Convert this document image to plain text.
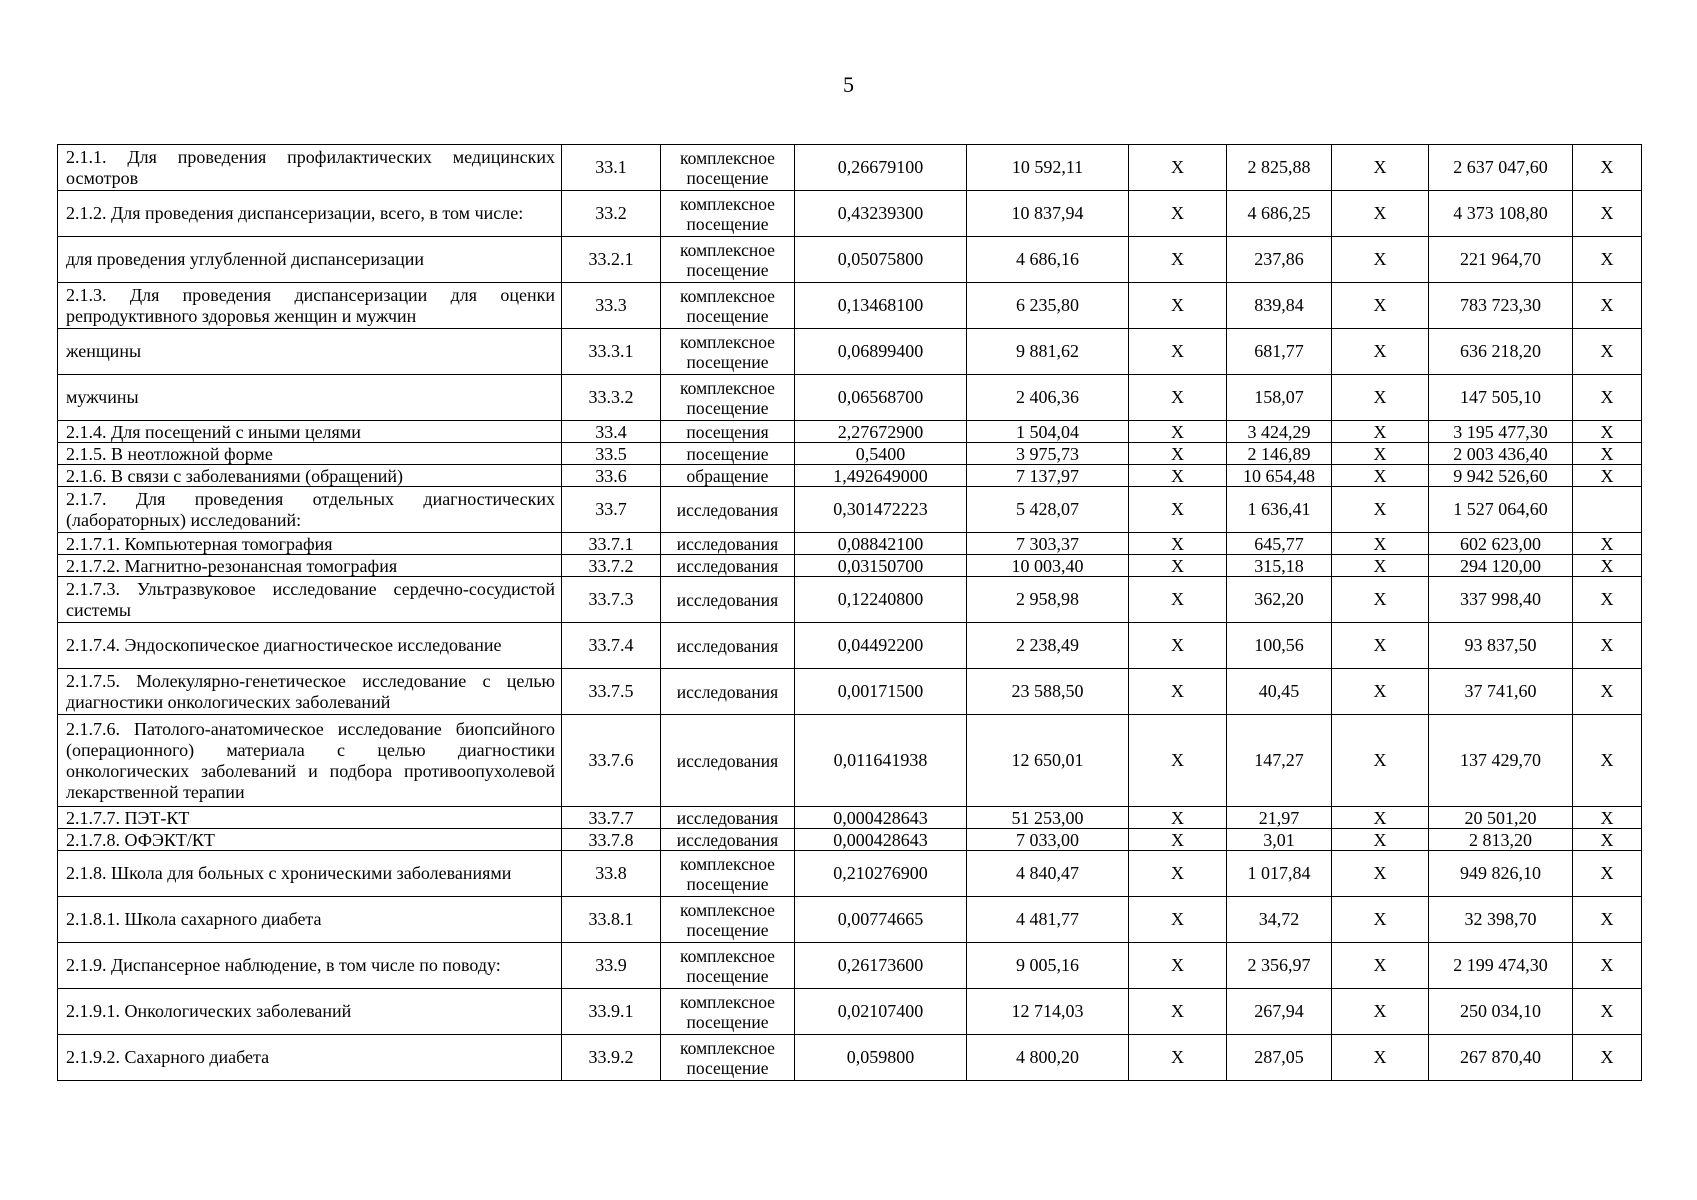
5
2.1.1. Для проведения профилактических медицинских осмотров	33.1	комплексное посещение	0,26679100	10 592,11	Х	2 825,88	Х	2 637 047,60	Х
2.1.2. Для проведения диспансеризации, всего, в том числе:	33.2	комплексное посещение	0,43239300	10 837,94	Х	4 686,25	Х	4 373 108,80	Х
для проведения углубленной диспансеризации	33.2.1	комплексное посещение	0,05075800	4 686,16	Х	237,86	Х	221 964,70	Х
2.1.3. Для проведения диспансеризации для оценки репродуктивного здоровья женщин и мужчин	33.3	комплексное посещение	0,13468100	6 235,80	Х	839,84	Х	783 723,30	Х
женщины	33.3.1	комплексное посещение	0,06899400	9 881,62	Х	681,77	Х	636 218,20	Х
мужчины	33.3.2	комплексное посещение	0,06568700	2 406,36	Х	158,07	Х	147 505,10	Х
2.1.4. Для посещений с иными целями	33.4	посещения	2,27672900	1 504,04	Х	3 424,29	Х	3 195 477,30	Х
2.1.5. В неотложной форме	33.5	посещение	0,5400	3 975,73	Х	2 146,89	Х	2 003 436,40	Х
2.1.6. В связи с заболеваниями (обращений)	33.6	обращение	1,492649000	7 137,97	Х	10 654,48	Х	9 942 526,60	Х
2.1.7. Для проведения отдельных диагностических (лабораторных) исследований:	33.7	исследования	0,301472223	5 428,07	Х	1 636,41	Х	1 527 064,60	
2.1.7.1. Компьютерная томография	33.7.1	исследования	0,08842100	7 303,37	Х	645,77	Х	602 623,00	Х
2.1.7.2. Магнитно-резонансная томография	33.7.2	исследования	0,03150700	10 003,40	Х	315,18	Х	294 120,00	Х
2.1.7.3. Ультразвуковое исследование сердечно-сосудистой системы	33.7.3	исследования	0,12240800	2 958,98	Х	362,20	Х	337 998,40	Х
2.1.7.4. Эндоскопическое диагностическое исследование	33.7.4	исследования	0,04492200	2 238,49	Х	100,56	Х	93 837,50	Х
2.1.7.5. Молекулярно-генетическое исследование с целью диагностики онкологических заболеваний	33.7.5	исследования	0,00171500	23 588,50	Х	40,45	Х	37 741,60	Х
2.1.7.6. Патолого-анатомическое исследование биопсийного (операционного) материала с целью диагностики онкологических заболеваний и подбора противоопухолевой лекарственной терапии	33.7.6	исследования	0,011641938	12 650,01	Х	147,27	Х	137 429,70	Х
2.1.7.7. ПЭТ-КТ	33.7.7	исследования	0,000428643	51 253,00	Х	21,97	Х	20 501,20	Х
2.1.7.8. ОФЭКТ/КТ	33.7.8	исследования	0,000428643	7 033,00	Х	3,01	Х	2 813,20	Х
2.1.8. Школа для больных с хроническими заболеваниями	33.8	комплексное посещение	0,210276900	4 840,47	Х	1 017,84	Х	949 826,10	Х
2.1.8.1. Школа сахарного диабета	33.8.1	комплексное посещение	0,00774665	4 481,77	Х	34,72	Х	32 398,70	Х
2.1.9. Диспансерное наблюдение, в том числе по поводу:	33.9	комплексное посещение	0,26173600	9 005,16	Х	2 356,97	Х	2 199 474,30	Х
2.1.9.1. Онкологических заболеваний	33.9.1	комплексное посещение	0,02107400	12 714,03	Х	267,94	Х	250 034,10	Х
2.1.9.2. Сахарного диабета	33.9.2	комплексное посещение	0,059800	4 800,20	Х	287,05	Х	267 870,40	Х
